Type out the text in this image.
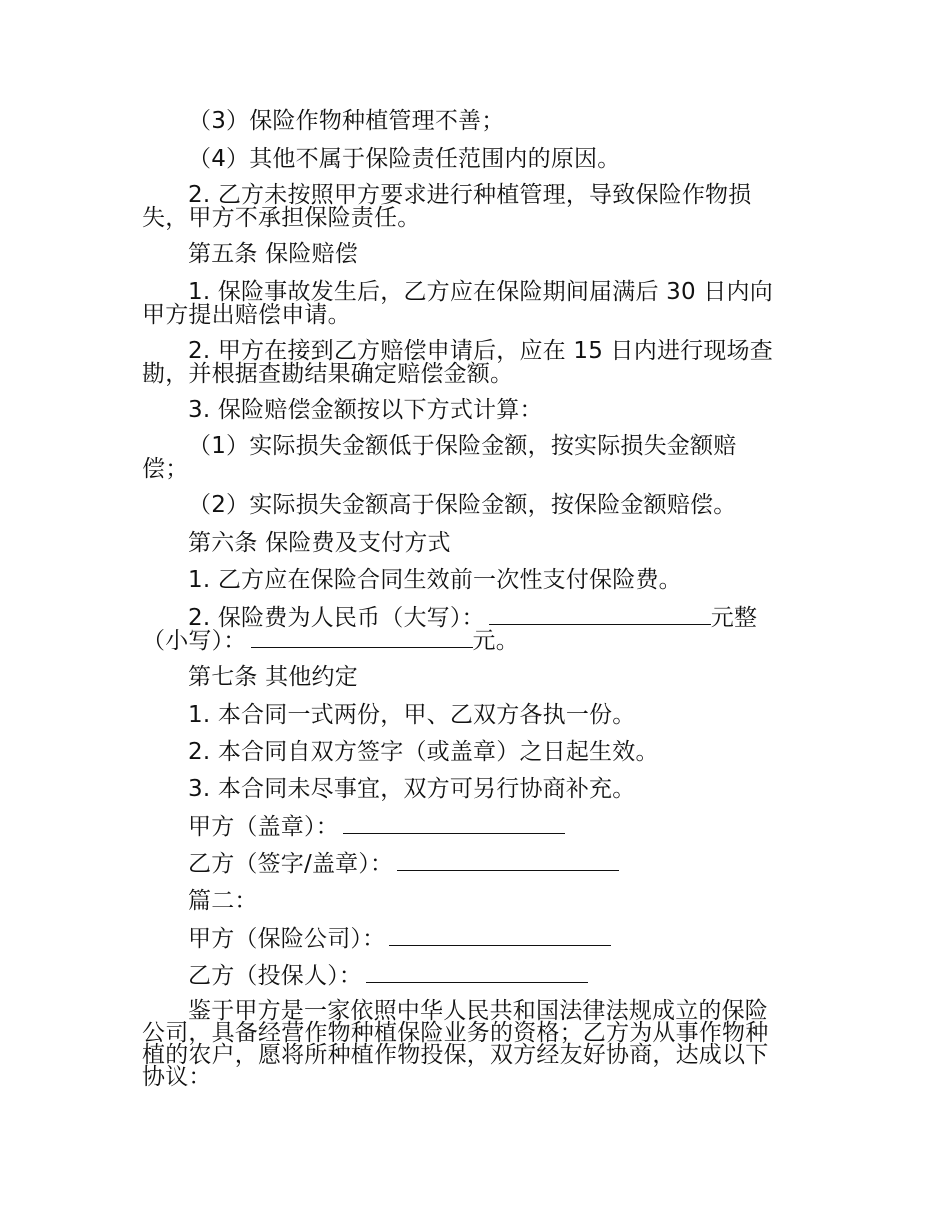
（3）保险作物种植管理不善；
（4）其他不属于保险责任范围内的原因。
2. 乙方未按照甲方要求进行种植管理，导致保险作物损
失，甲方不承担保险责任。
第五条 保险赔偿
1. 保险事故发生后，乙方应在保险期间届满后 30 日内向
甲方提出赔偿申请。
2. 甲方在接到乙方赔偿申请后，应在 15 日内进行现场查
勘，并根据查勘结果确定赔偿金额。
3. 保险赔偿金额按以下方式计算：
（1）实际损失金额低于保险金额，按实际损失金额赔
偿；
（2）实际损失金额高于保险金额，按保险金额赔偿。
第六条 保险费及支付方式
1. 乙方应在保险合同生效前一次性支付保险费。
2. 保险费为人民币（大写）：	元整
（小写）：	元。
第七条 其他约定
1. 本合同一式两份，甲、乙双方各执一份。
2. 本合同自双方签字（或盖章）之日起生效。
3. 本合同未尽事宜，双方可另行协商补充。
甲方（盖章）：
乙方（签字/盖章）：
篇二：
甲方（保险公司）：
乙方（投保人）：
鉴于甲方是一家依照中华人民共和国法律法规成立的保险
公司，具备经营作物种植保险业务的资格；乙方为从事作物种
植的农户，愿将所种植作物投保，双方经友好协商，达成以下
协议：
